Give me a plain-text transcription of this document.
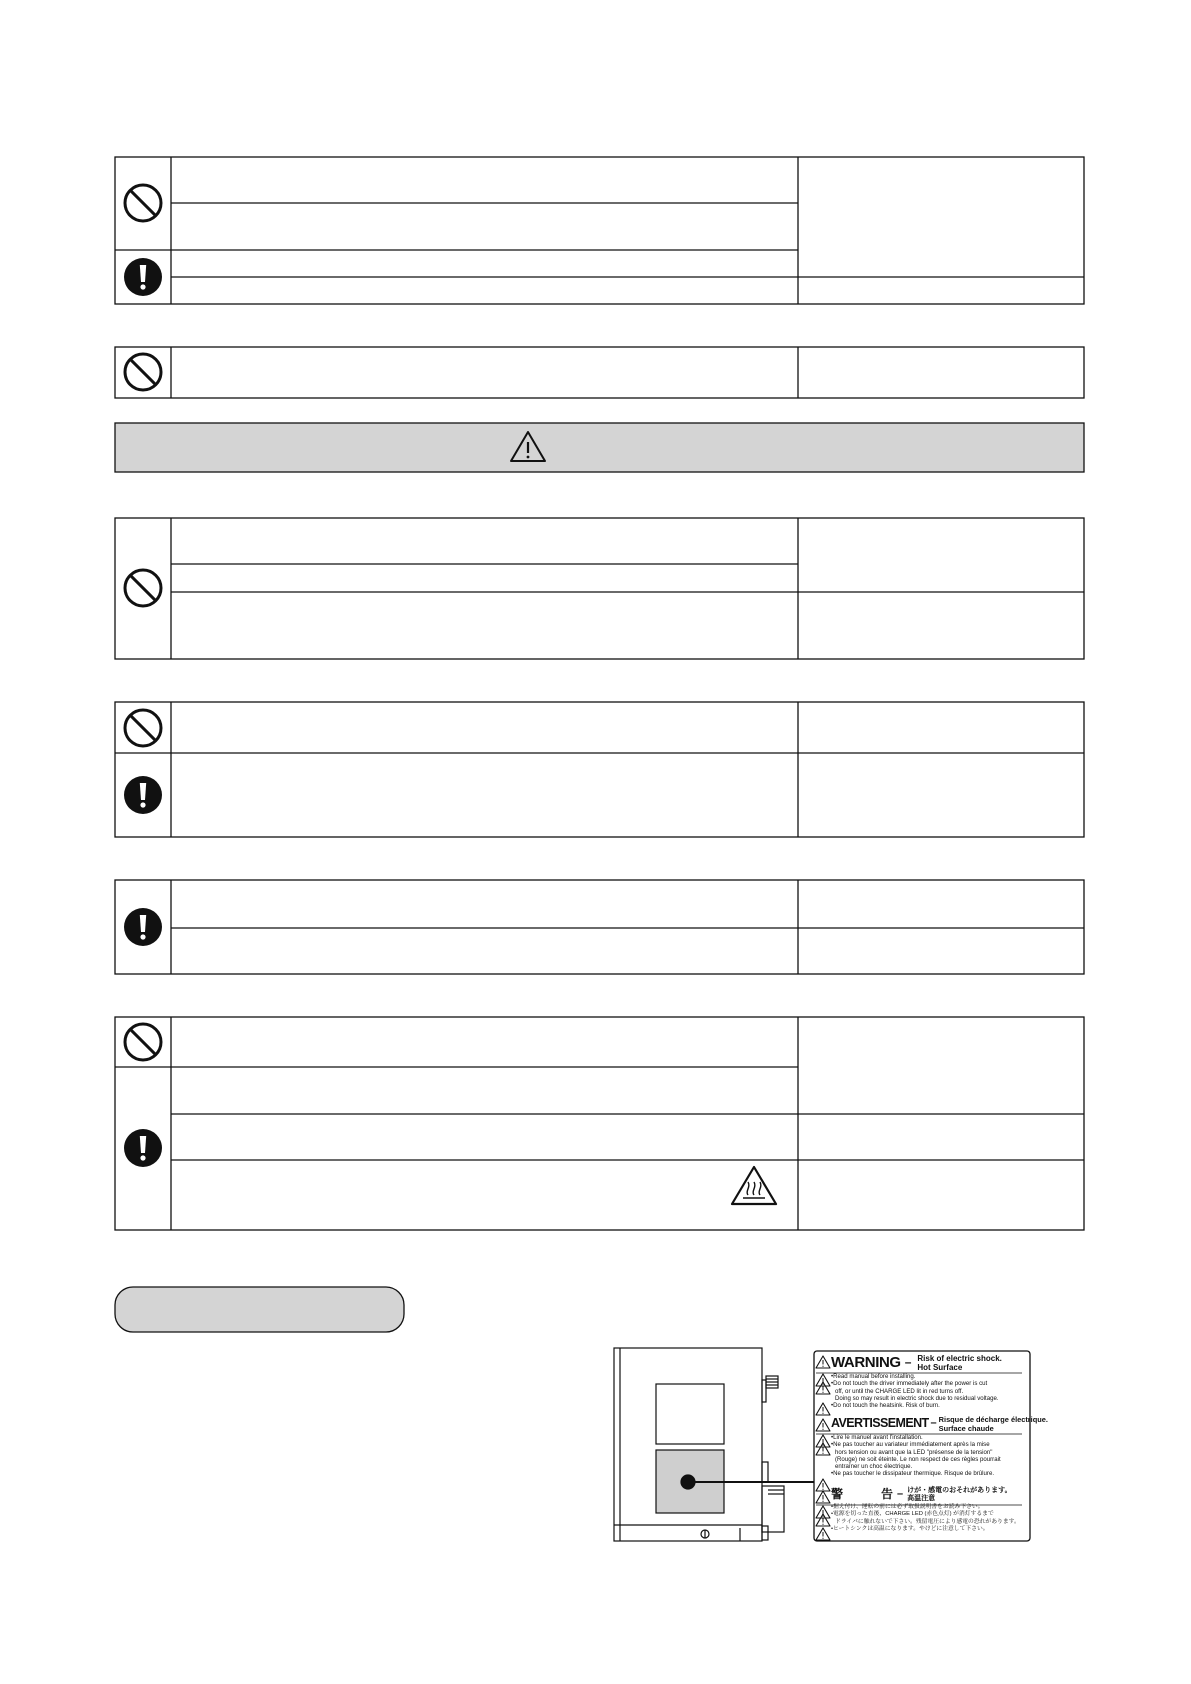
WARNING – Risk of electric shock.
Hot Surface
•Read manual before installing.
•Do not touch the driver immediately after the power is cut
off, or until the CHARGE LED lit in red turns off.
Doing so may result in electric shock due to residual voltage.
•Do not touch the heatsink. Risk of burn.
AVERTISSEMENT – Risque de décharge électrique.
Surface chaude
•Lire le manuel avant l'installation.
•Ne pas toucher au variateur immédiatement après la mise
hors tension ou avant que la LED "présense de la tension"
(Rouge) ne soit éteinte. Le non respect de ces règles pourrait
entraîner un choc électrique.
•Ne pas toucher le dissipateur thermique. Risque de brûlure.
警	告 – けが・感電のおそれがあります。
高温注意
•据え付け、運転の前には必ず取扱説明書をお読み下さい。
•電源を切った直後、CHARGE LED (赤色点灯) が消灯するまで
ドライバに触れないで下さい。残留電圧により感電の恐れがあります。
•ヒートシンクは高温になります。やけどに注意して下さい。
